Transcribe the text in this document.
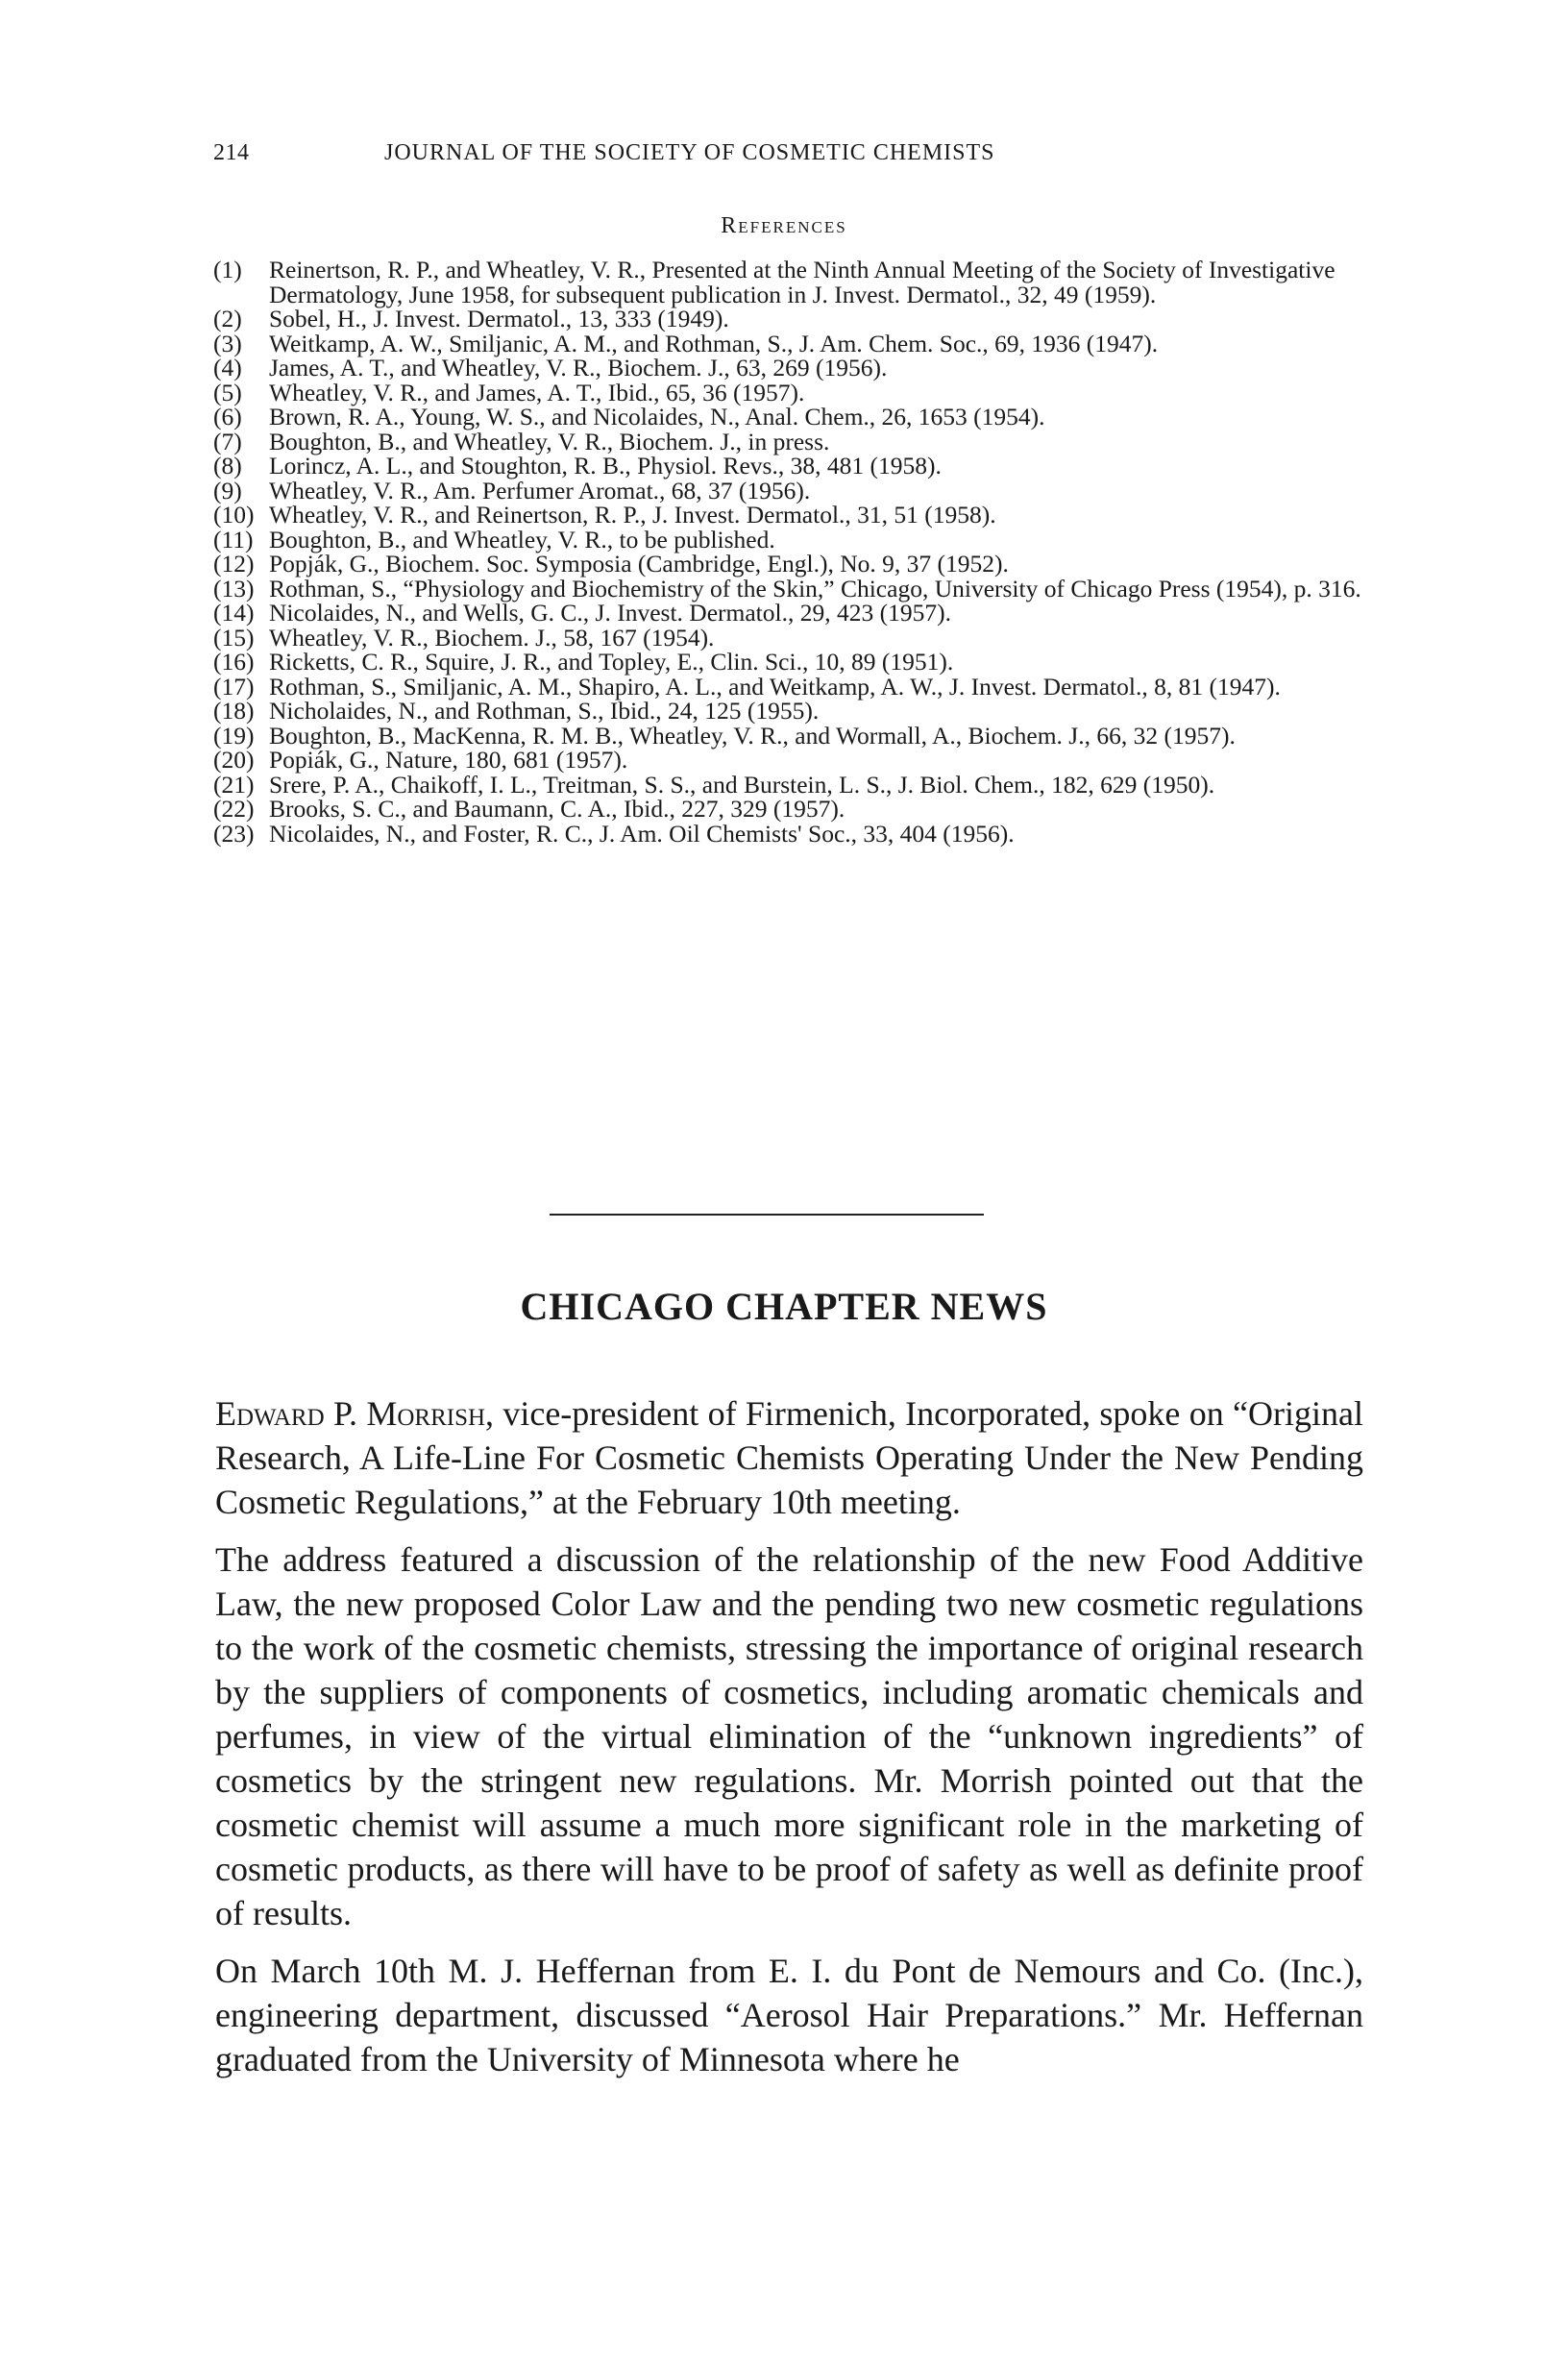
214	JOURNAL OF THE SOCIETY OF COSMETIC CHEMISTS
References
(1)	Reinertson, R. P., and Wheatley, V. R., Presented at the Ninth Annual Meeting of the Society of Investigative Dermatology, June 1958, for subsequent publication in J. Invest. Dermatol., 32, 49 (1959).
(2)	Sobel, H., J. Invest. Dermatol., 13, 333 (1949).
(3)	Weitkamp, A. W., Smiljanic, A. M., and Rothman, S., J. Am. Chem. Soc., 69, 1936 (1947).
(4)	James, A. T., and Wheatley, V. R., Biochem. J., 63, 269 (1956).
(5)	Wheatley, V. R., and James, A. T., Ibid., 65, 36 (1957).
(6)	Brown, R. A., Young, W. S., and Nicolaides, N., Anal. Chem., 26, 1653 (1954).
(7)	Boughton, B., and Wheatley, V. R., Biochem. J., in press.
(8)	Lorincz, A. L., and Stoughton, R. B., Physiol. Revs., 38, 481 (1958).
(9)	Wheatley, V. R., Am. Perfumer Aromat., 68, 37 (1956).
(10) Wheatley, V. R., and Reinertson, R. P., J. Invest. Dermatol., 31, 51 (1958).
(11) Boughton, B., and Wheatley, V. R., to be published.
(12) Popják, G., Biochem. Soc. Symposia (Cambridge, Engl.), No. 9, 37 (1952).
(13) Rothman, S., “Physiology and Biochemistry of the Skin,” Chicago, University of Chicago Press (1954), p. 316.
(14) Nicolaides, N., and Wells, G. C., J. Invest. Dermatol., 29, 423 (1957).
(15) Wheatley, V. R., Biochem. J., 58, 167 (1954).
(16) Ricketts, C. R., Squire, J. R., and Topley, E., Clin. Sci., 10, 89 (1951).
(17) Rothman, S., Smiljanic, A. M., Shapiro, A. L., and Weitkamp, A. W., J. Invest. Dermatol., 8, 81 (1947).
(18) Nicholaides, N., and Rothman, S., Ibid., 24, 125 (1955).
(19) Boughton, B., MacKenna, R. M. B., Wheatley, V. R., and Wormall, A., Biochem. J., 66, 32 (1957).
(20) Popiák, G., Nature, 180, 681 (1957).
(21) Srere, P. A., Chaikoff, I. L., Treitman, S. S., and Burstein, L. S., J. Biol. Chem., 182, 629 (1950).
(22) Brooks, S. C., and Baumann, C. A., Ibid., 227, 329 (1957).
(23) Nicolaides, N., and Foster, R. C., J. Am. Oil Chemists' Soc., 33, 404 (1956).
CHICAGO CHAPTER NEWS

Edward P. Morrish, vice-president of Firmenich, Incorporated, spoke on “Original Research, A Life-Line For Cosmetic Chemists Operating Under the New Pending Cosmetic Regulations,” at the February 10th meeting.

The address featured a discussion of the relationship of the new Food Additive Law, the new proposed Color Law and the pending two new cosmetic regulations to the work of the cosmetic chemists, stressing the importance of original research by the suppliers of components of cosmetics, including aromatic chemicals and perfumes, in view of the virtual elimination of the “unknown ingredients” of cosmetics by the stringent new regulations. Mr. Morrish pointed out that the cosmetic chemist will assume a much more significant role in the marketing of cosmetic products, as there will have to be proof of safety as well as definite proof of results.

On March 10th M. J. Heffernan from E. I. du Pont de Nemours and Co. (Inc.), engineering department, discussed “Aerosol Hair Preparations.” Mr. Heffernan graduated from the University of Minnesota where he
